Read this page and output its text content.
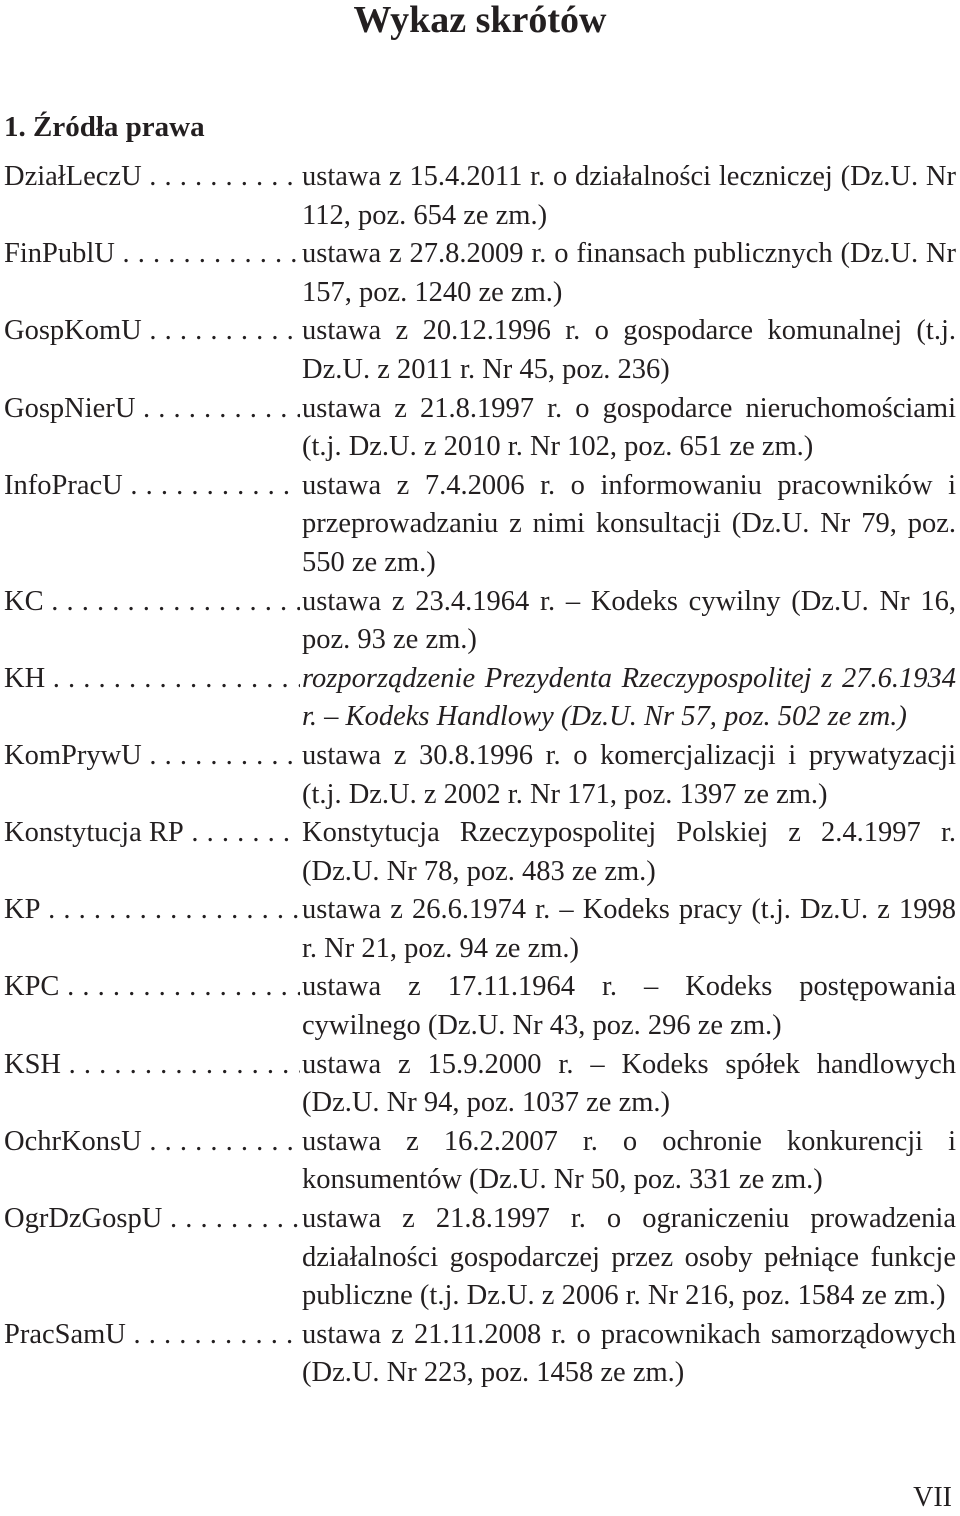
Wykaz skrótów
1. Źródła prawa
DziałLeczU . . .	ustawa z 15.4.2011 r. o działalności leczniczej (Dz.U. Nr 112, poz. 654 ze zm.)
FinPublU . . .	ustawa z 27.8.2009 r. o finansach publicznych (Dz.U. Nr 157, poz. 1240 ze zm.)
GospKomU . . .	ustawa z 20.12.1996 r. o gospodarce komunalnej (t.j. Dz.U. z 2011 r. Nr 45, poz. 236)
GospNierU . . .	ustawa z 21.8.1997 r. o gospodarce nieruchomościami (t.j. Dz.U. z 2010 r. Nr 102, poz. 651 ze zm.)
InfoPracU . . .	ustawa z 7.4.2006 r. o informowaniu pracowników i przeprowadzaniu z nimi konsultacji (Dz.U. Nr 79, poz. 550 ze zm.)
KC . . .	ustawa z 23.4.1964 r. – Kodeks cywilny (Dz.U. Nr 16, poz. 93 ze zm.)
KH . . .	rozporządzenie Prezydenta Rzeczypospolitej z 27.6.1934 r. – Kodeks Handlowy (Dz.U. Nr 57, poz. 502 ze zm.)
KomPrywU . . .	ustawa z 30.8.1996 r. o komercjalizacji i prywatyzacji (t.j. Dz.U. z 2002 r. Nr 171, poz. 1397 ze zm.)
Konstytucja RP . . .	Konstytucja Rzeczypospolitej Polskiej z 2.4.1997 r. (Dz.U. Nr 78, poz. 483 ze zm.)
KP . . .	ustawa z 26.6.1974 r. – Kodeks pracy (t.j. Dz.U. z 1998 r. Nr 21, poz. 94 ze zm.)
KPC . . .	ustawa z 17.11.1964 r. – Kodeks postępowania cywilnego (Dz.U. Nr 43, poz. 296 ze zm.)
KSH . . .	ustawa z 15.9.2000 r. – Kodeks spółek handlowych (Dz.U. Nr 94, poz. 1037 ze zm.)
OchrKonsU . . .	ustawa z 16.2.2007 r. o ochronie konkurencji i konsumentów (Dz.U. Nr 50, poz. 331 ze zm.)
OgrDzGospU . . .	ustawa z 21.8.1997 r. o ograniczeniu prowadzenia działalności gospodarczej przez osoby pełniące funkcje publiczne (t.j. Dz.U. z 2006 r. Nr 216, poz. 1584 ze zm.)
PracSamU . . .	ustawa z 21.11.2008 r. o pracownikach samorządowych (Dz.U. Nr 223, poz. 1458 ze zm.)
VII
